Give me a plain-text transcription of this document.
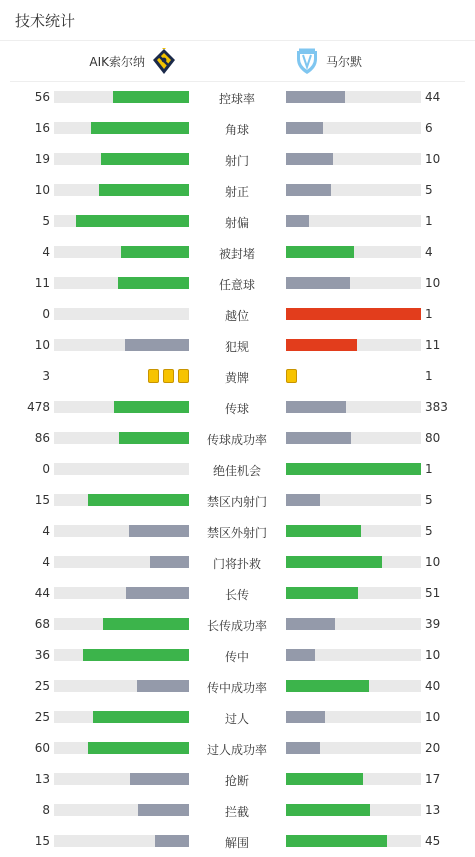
技术统计
AIK索尔纳	马尔默
56	控球率	44
16	角球	6
19	射门	10
10	射正	5
5	射偏	1
4	被封堵	4
11	任意球	10
0	越位	1
10	犯规	11
3	黄牌	1
478	传球	383
86	传球成功率	80
0	绝佳机会	1
15	禁区内射门	5
4	禁区外射门	5
4	门将扑救	10
44	长传	51
68	长传成功率	39
36	传中	10
25	传中成功率	40
25	过人	10
60	过人成功率	20
13	抢断	17
8	拦截	13
15	解围	45
